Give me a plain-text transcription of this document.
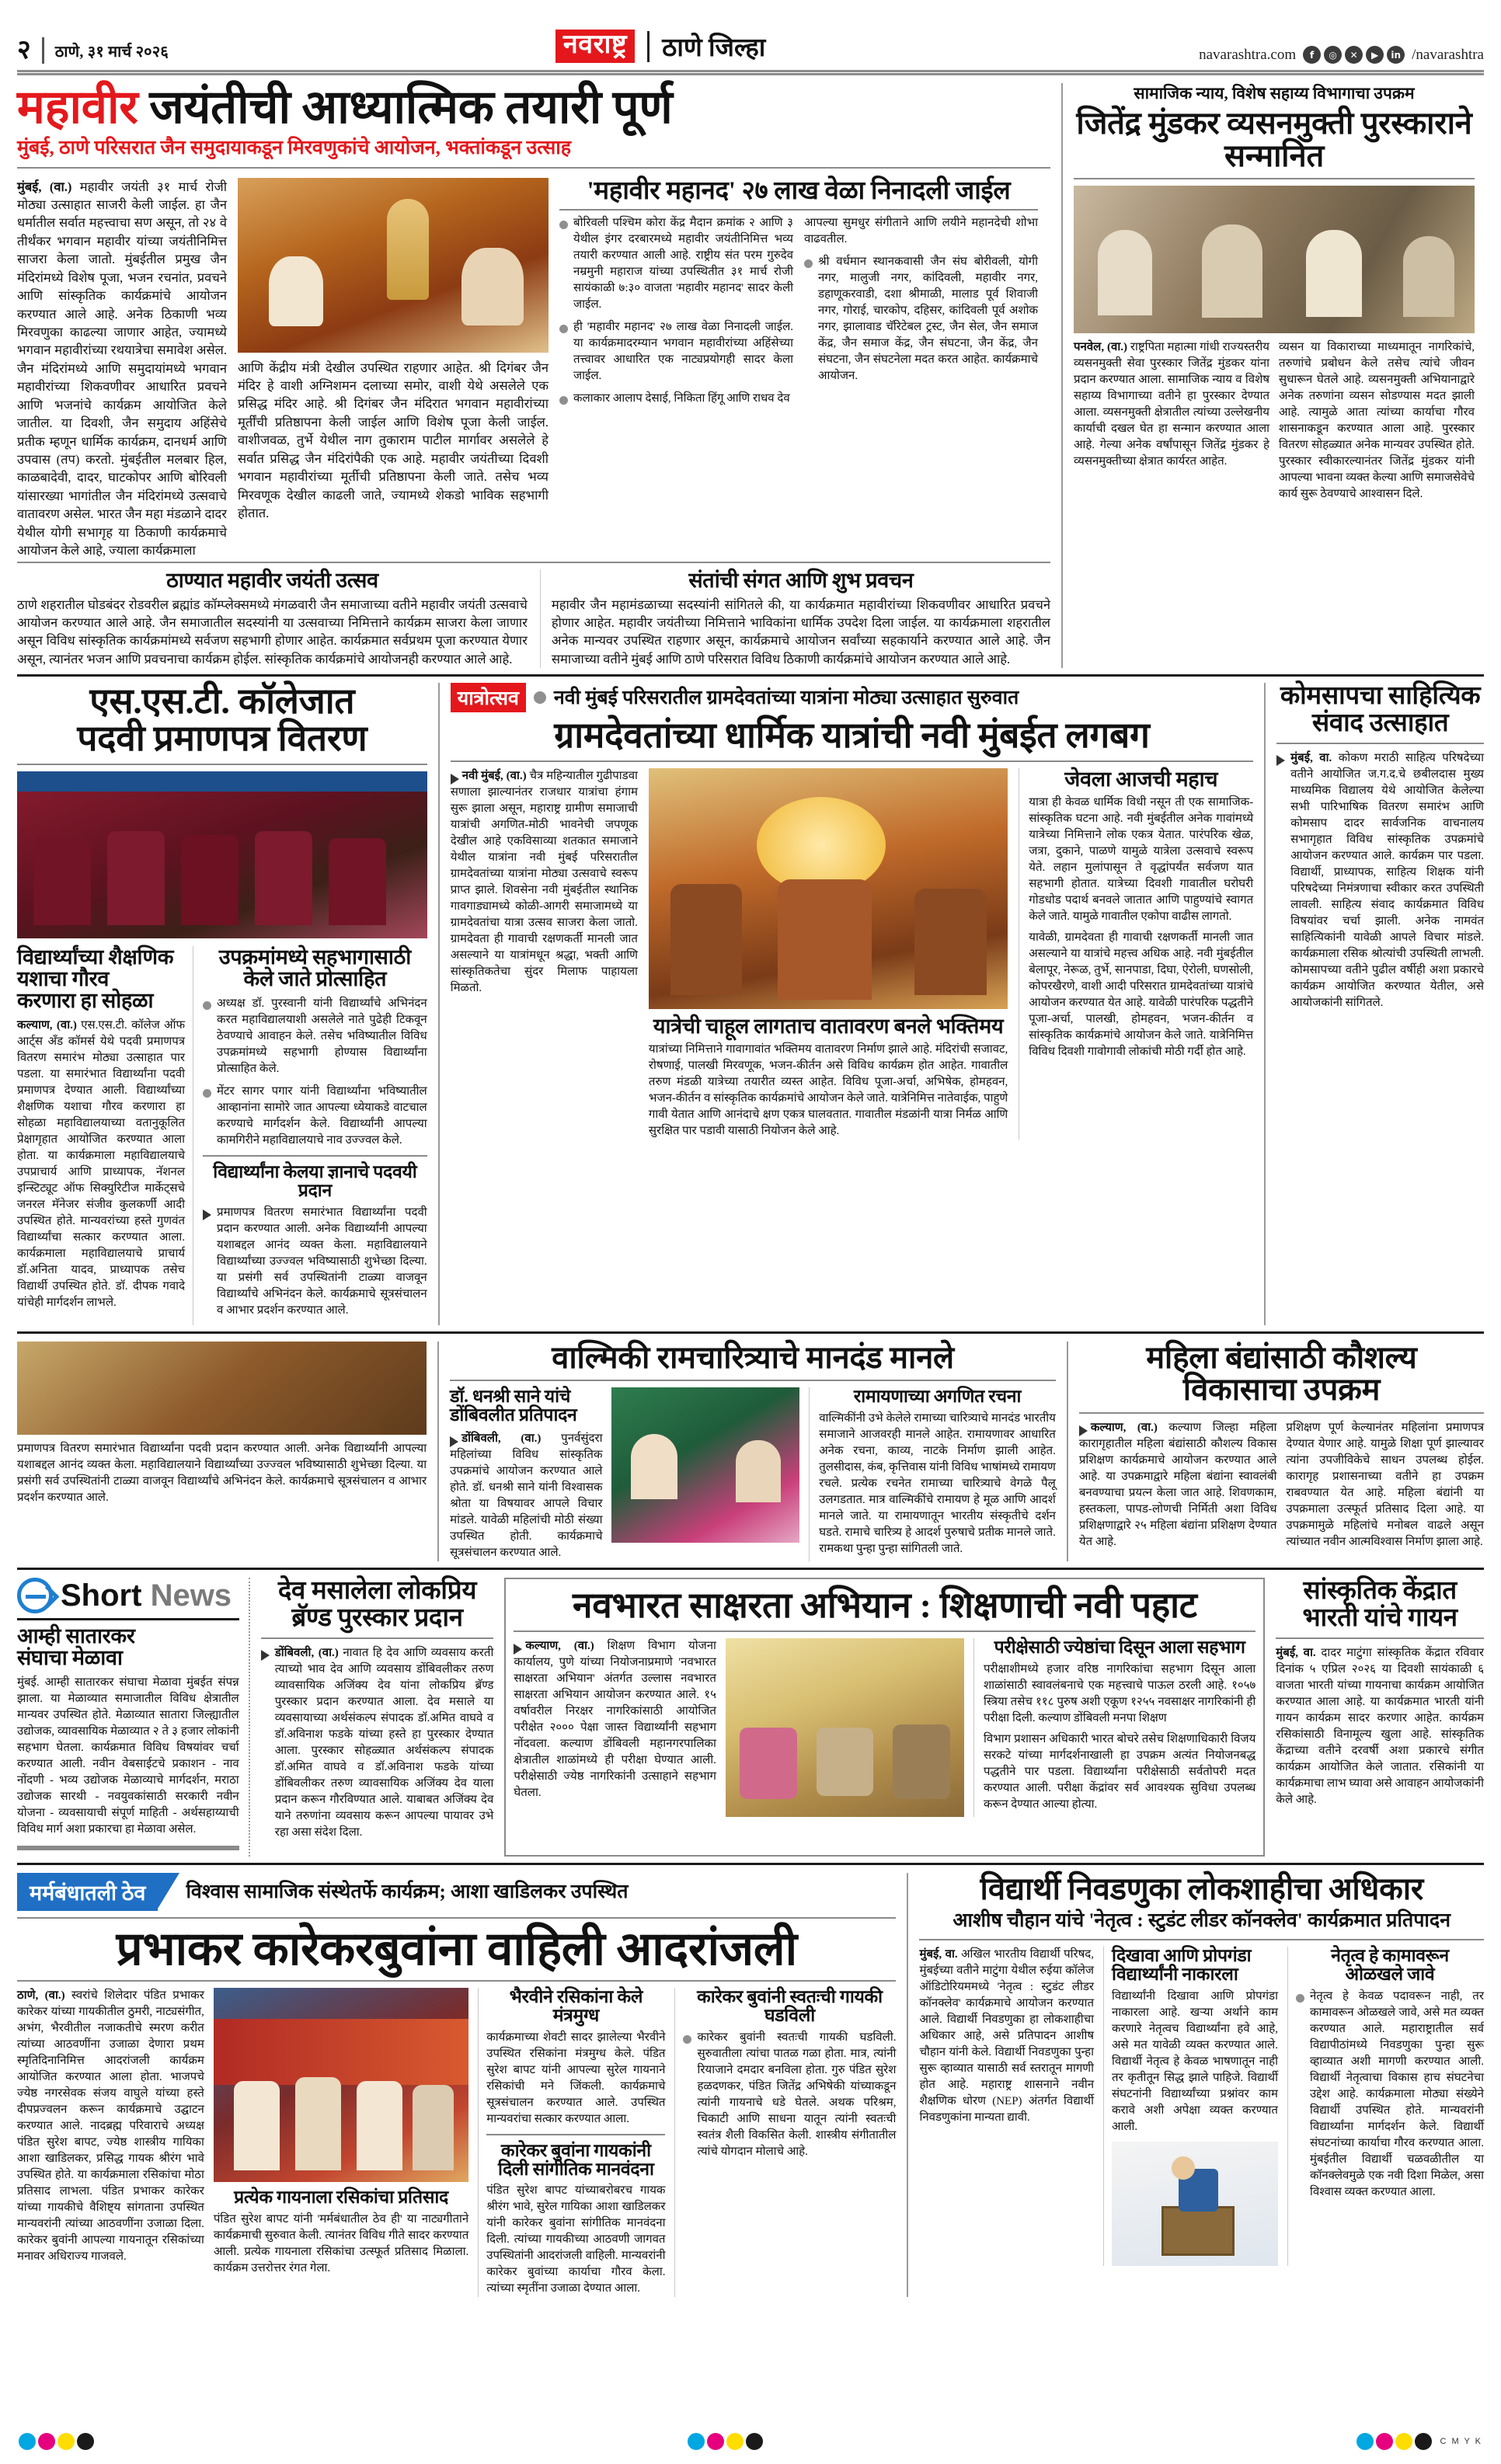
२ ठाणे, ३१ मार्च २०२६	नवराष्ट्र	ठाणे जिल्हा	navarashtra.com	f	◎	✕	▶	in /navarashtra
महावीर जयंतीची आध्यात्मिक तयारी पूर्ण
मुंबई, ठाणे परिसरात जैन समुदायाकडून मिरवणुकांचे आयोजन, भक्तांकडून उत्साह

मुंबई, (वा.) महावीर जयंती ३१ मार्च रोजी मोठ्या उत्साहात साजरी केली जाईल. हा जैन धर्मातील सर्वात महत्त्वाचा सण असून, तो २४ वे तीर्थंकर भगवान महावीर यांच्या जयंतीनिमित्त साजरा केला जातो. मुंबईतील प्रमुख जैन मंदिरांमध्ये विशेष पूजा, भजन रचनांत, प्रवचने आणि सांस्कृतिक कार्यक्रमांचे आयोजन करण्यात आले आहे. अनेक ठिकाणी भव्य मिरवणुका काढल्या जाणार आहेत, ज्यामध्ये भगवान महावीरांच्या रथयात्रेचा समावेश असेल. जैन मंदिरांमध्ये आणि समुदायांमध्ये भगवान महावीरांच्या शिकवणीवर आधारित प्रवचने आणि भजनांचे कार्यक्रम आयोजित केले जातील. या दिवशी, जैन समुदाय अहिंसेचे प्रतीक म्हणून धार्मिक कार्यक्रम, दानधर्म आणि उपवास (तप) करतो. मुंबईतील मलबार हिल, काळबादेवी, दादर, घाटकोपर आणि बोरिवली यांसारख्या भागांतील जैन मंदिरांमध्ये उत्सवाचे वातावरण असेल. भारत जैन महा मंडळाने दादर येथील योगी सभागृह या ठिकाणी कार्यक्रमाचे आयोजन केले आहे, ज्याला कार्यक्रमाला

आणि केंद्रीय मंत्री देखील उपस्थित राहणार आहेत. श्री दिगंबर जैन मंदिर हे वाशी अग्निशमन दलाच्या समोर, वाशी येथे असलेले एक प्रसिद्ध मंदिर आहे. श्री दिगंबर जैन मंदिरात भगवान महावीरांच्या मूर्तींची प्रतिष्ठापना केली जाईल आणि विशेष पूजा केली जाईल. वाशीजवळ, तुर्भे येथील नाग तुकाराम पाटील मार्गावर असलेले हे सर्वात प्रसिद्ध जैन मंदिरांपैकी एक आहे. महावीर जयंतीच्या दिवशी भगवान महावीरांच्या मूर्तीची प्रतिष्ठापना केली जाते. तसेच भव्य मिरवणूक देखील काढली जाते, ज्यामध्ये शेकडो भाविक सहभागी होतात.

'महावीर महानद' २७ लाख वेळा निनादली जाईल
बोरिवली पश्चिम कोरा केंद्र मैदान क्रमांक २ आणि ३ येथील इंगर दरबारमध्ये महावीर जयंतीनिमित्त भव्य तयारी करण्यात आली आहे. राष्ट्रीय संत परम गुरुदेव नम्रमुनी महाराज यांच्या उपस्थितीत ३१ मार्च रोजी सायंकाळी ७:३० वाजता 'महावीर महानद' सादर केली जाईल.
ही 'महावीर महानद' २७ लाख वेळा निनादली जाईल. या कार्यक्रमादरम्यान भगवान महावीरांच्या अहिंसेच्या तत्त्वावर आधारित एक नाट्यप्रयोगही सादर केला जाईल.
कलाकार आलाप देसाई, निकिता हिंगू आणि राधव देव
आपल्या सुमधुर संगीताने आणि लयीने महानदेची शोभा वाढवतील.
श्री वर्धमान स्थानकवासी जैन संघ बोरीवली, योगी नगर, मालुजी नगर, कांदिवली, महावीर नगर, डहाणूकरवाडी, दशा श्रीमाळी, मालाड पूर्व शिवाजी नगर, गोराई, चारकोप, दहिसर, कांदिवली पूर्व अशोक नगर, झालावाड चॅरिटेबल ट्रस्ट, जैन सेल, जैन समाज केंद्र, जैन समाज केंद्र, जैन संघटना, जैन केंद्र, जैन संघटना, जैन संघटनेला मदत करत आहेत. कार्यक्रमाचे आयोजन.
ठाण्यात महावीर जयंती उत्सव

ठाणे शहरातील घोडबंदर रोडवरील ब्रह्मांड कॉम्प्लेक्समध्ये मंगळवारी जैन समाजाच्या वतीने महावीर जयंती उत्सवाचे आयोजन करण्यात आले आहे. जैन समाजातील सदस्यांनी या उत्सवाच्या निमित्ताने कार्यक्रम साजरा केला जाणार असून विविध सांस्कृतिक कार्यक्रमांमध्ये सर्वजण सहभागी होणार आहेत. कार्यक्रमात सर्वप्रथम पूजा करण्यात येणार असून, त्यानंतर भजन आणि प्रवचनाचा कार्यक्रम होईल. सांस्कृतिक कार्यक्रमांचे आयोजनही करण्यात आले आहे.

संतांची संगत आणि शुभ प्रवचन

महावीर जैन महामंडळाच्या सदस्यांनी सांगितले की, या कार्यक्रमात महावीरांच्या शिकवणीवर आधारित प्रवचने होणार आहेत. महावीर जयंतीच्या निमित्ताने भाविकांना धार्मिक उपदेश दिला जाईल. या कार्यक्रमाला शहरातील अनेक मान्यवर उपस्थित राहणार असून, कार्यक्रमाचे आयोजन सर्वांच्या सहकार्याने करण्यात आले आहे. जैन समाजाच्या वतीने मुंबई आणि ठाणे परिसरात विविध ठिकाणी कार्यक्रमांचे आयोजन करण्यात आले आहे.

सामाजिक न्याय, विशेष सहाय्य विभागाचा उपक्रम
जितेंद्र मुंडकर व्यसनमुक्ती पुरस्काराने सन्मानित

पनवेल, (वा.) राष्ट्रपिता महात्मा गांधी राज्यस्तरीय व्यसनमुक्ती सेवा पुरस्कार जितेंद्र मुंडकर यांना प्रदान करण्यात आला. सामाजिक न्याय व विशेष सहाय्य विभागाच्या वतीने हा पुरस्कार देण्यात आला. व्यसनमुक्ती क्षेत्रातील त्यांच्या उल्लेखनीय कार्याची दखल घेत हा सन्मान करण्यात आला आहे. गेल्या अनेक वर्षांपासून जितेंद्र मुंडकर हे व्यसनमुक्तीच्या क्षेत्रात कार्यरत आहेत.

व्यसन या विकाराच्या माध्यमातून नागरिकांचे, तरुणांचे प्रबोधन केले तसेच त्यांचे जीवन सुधारून घेतले आहे. व्यसनमुक्ती अभियानाद्वारे अनेक तरुणांना व्यसन सोडण्यास मदत झाली आहे. त्यामुळे आता त्यांच्या कार्याचा गौरव शासनाकडून करण्यात आला आहे. पुरस्कार वितरण सोहळ्यात अनेक मान्यवर उपस्थित होते. पुरस्कार स्वीकारल्यानंतर जितेंद्र मुंडकर यांनी आपल्या भावना व्यक्त केल्या आणि समाजसेवेचे कार्य सुरू ठेवण्याचे आश्वासन दिले.

एस.एस.टी. कॉलेजात
पदवी प्रमाणपत्र वितरण
विद्यार्थ्यांच्या शैक्षणिक
यशाचा गौरव
करणारा हा सोहळा

कल्याण, (वा.) एस.एस.टी. कॉलेज ऑफ आर्ट्स अँड कॉमर्स येथे पदवी प्रमाणपत्र वितरण समारंभ मोठ्या उत्साहात पार पडला. या समारंभात विद्यार्थ्यांना पदवी प्रमाणपत्र देण्यात आली. विद्यार्थ्यांच्या शैक्षणिक यशाचा गौरव करणारा हा सोहळा महाविद्यालयाच्या वतानुकूलित प्रेक्षागृहात आयोजित करण्यात आला होता. या कार्यक्रमाला महाविद्यालयाचे उपप्राचार्य आणि प्राध्यापक, नॅशनल इन्स्टिट्यूट ऑफ सिक्युरिटीज मार्केट्सचे जनरल मॅनेजर संजीव कुलकर्णी आदी उपस्थित होते. मान्यवरांच्या हस्ते गुणवंत विद्यार्थ्यांचा सत्कार करण्यात आला. कार्यक्रमाला महाविद्यालयाचे प्राचार्य डॉ.अनिता यादव, प्राध्यापक तसेच विद्यार्थी उपस्थित होते. डॉ. दीपक गवादे यांचेही मार्गदर्शन लाभले.

उपक्रमांमध्ये सहभागासाठी केले जाते प्रोत्साहित
अध्यक्ष डॉ. पुरस्वानी यांनी विद्यार्थ्यांचे अभिनंदन करत महाविद्यालयाशी असलेले नाते पुढेही टिकवून ठेवण्याचे आवाहन केले. तसेच भविष्यातील विविध उपक्रमांमध्ये सहभागी होण्यास विद्यार्थ्यांना प्रोत्साहित केले.
मेंटर सागर पगार यांनी विद्यार्थ्यांना भविष्यातील आव्हानांना सामोरे जात आपल्या ध्येयाकडे वाटचाल करण्याचे मार्गदर्शन केले. विद्यार्थ्यांनी आपल्या कामगिरीने महाविद्यालयाचे नाव उज्ज्वल केले.
विद्यार्थ्यांना केलया ज्ञानाचे पदवयी प्रदान
प्रमाणपत्र वितरण समारंभात विद्यार्थ्यांना पदवी प्रदान करण्यात आली. अनेक विद्यार्थ्यांनी आपल्या यशाबद्दल आनंद व्यक्त केला. महाविद्यालयाने विद्यार्थ्यांच्या उज्ज्वल भविष्यासाठी शुभेच्छा दिल्या. या प्रसंगी सर्व उपस्थितांनी टाळ्या वाजवून विद्यार्थ्यांचे अभिनंदन केले. कार्यक्रमाचे सूत्रसंचालन व आभार प्रदर्शन करण्यात आले.
यात्रोत्सव	नवी मुंबई परिसरातील ग्रामदेवतांच्या यात्रांना मोठ्या उत्साहात सुरुवात
ग्रामदेवतांच्या धार्मिक यात्रांची नवी मुंबईत लगबग

नवी मुंबई, (वा.) चैत्र महिन्यातील गुढीपाडवा सणाला झाल्यानंतर राजधार यात्रांचा हंगाम सुरू झाला असून, महाराष्ट्र ग्रामीण समाजाची यात्रांची अगणित-मोठी भावनेची जपणूक देखील आहे एकविसाव्या शतकात समाजाने येथील यात्रांना नवी मुंबई परिसरातील ग्रामदेवतांच्या यात्रांना मोठ्या उत्सवाचे स्वरूप प्राप्त झाले. शिवसेना नवी मुंबईतील स्थानिक गावगाड्यामध्ये कोळी-आगरी समाजामध्ये या ग्रामदेवतांचा यात्रा उत्सव साजरा केला जातो. ग्रामदेवता ही गावाची रक्षणकर्ती मानली जात असल्याने या यात्रांमधून श्रद्धा, भक्ती आणि सांस्कृतिकतेचा सुंदर मिलाफ पाहायला मिळतो.

यात्रेची चाहूल लागताच वातावरण बनले भक्तिमय

यात्रांच्या निमित्ताने गावागावांत भक्तिमय वातावरण निर्माण झाले आहे. मंदिरांची सजावट, रोषणाई, पालखी मिरवणूक, भजन-कीर्तन असे विविध कार्यक्रम होत आहेत. गावातील तरुण मंडळी यात्रेच्या तयारीत व्यस्त आहेत. विविध पूजा-अर्चा, अभिषेक, होमहवन, भजन-कीर्तन व सांस्कृतिक कार्यक्रमांचे आयोजन केले जाते. यात्रेनिमित्त नातेवाईक, पाहुणे गावी येतात आणि आनंदाचे क्षण एकत्र घालवतात. गावातील मंडळांनी यात्रा निर्मळ आणि सुरक्षित पार पडावी यासाठी नियोजन केले आहे.

जेवला आजची महाच

यात्रा ही केवळ धार्मिक विधी नसून ती एक सामाजिक-सांस्कृतिक घटना आहे. नवी मुंबईतील अनेक गावांमध्ये यात्रेच्या निमित्ताने लोक एकत्र येतात. पारंपरिक खेळ, जत्रा, दुकाने, पाळणे यामुळे यात्रेला उत्सवाचे स्वरूप येते. लहान मुलांपासून ते वृद्धांपर्यंत सर्वजण यात सहभागी होतात. यात्रेच्या दिवशी गावातील घरोघरी गोडधोड पदार्थ बनवले जातात आणि पाहुण्यांचे स्वागत केले जाते. यामुळे गावातील एकोपा वाढीस लागतो.

यावेळी, ग्रामदेवता ही गावाची रक्षणकर्ती मानली जात असल्याने या यात्रांचे महत्त्व अधिक आहे. नवी मुंबईतील बेलापूर, नेरूळ, तुर्भे, सानपाडा, दिघा, ऐरोली, घणसोली, कोपरखैरणे, वाशी आदी परिसरात ग्रामदेवतांच्या यात्रांचे आयोजन करण्यात येत आहे. यावेळी पारंपरिक पद्धतीने पूजा-अर्चा, पालखी, होमहवन, भजन-कीर्तन व सांस्कृतिक कार्यक्रमांचे आयोजन केले जाते. यात्रेनिमित्त विविध दिवशी गावोगावी लोकांची मोठी गर्दी होत आहे.

कोमसापचा साहित्यिक
संवाद उत्साहात
मुंबई, वा. कोकण मराठी साहित्य परिषदेच्या वतीने आयोजित ज.ग.द.चे छबीलदास मुख्य माध्यमिक विद्यालय येथे आयोजित केलेल्या सभी पारिभाषिक वितरण समारंभ आणि कोमसाप दादर सार्वजनिक वाचनालय सभागृहात विविध सांस्कृतिक उपक्रमांचे आयोजन करण्यात आले. कार्यक्रम पार पडला. विद्यार्थी, प्राध्यापक, साहित्य शिक्षक यांनी परिषदेच्या निमंत्रणाचा स्वीकार करत उपस्थिती लावली. साहित्य संवाद कार्यक्रमात विविध विषयांवर चर्चा झाली. अनेक नामवंत साहित्यिकांनी यावेळी आपले विचार मांडले. कार्यक्रमाला रसिक श्रोत्यांची उपस्थिती लाभली. कोमसापच्या वतीने पुढील वर्षीही अशा प्रकारचे कार्यक्रम आयोजित करण्यात येतील, असे आयोजकांनी सांगितले.

प्रमाणपत्र वितरण समारंभात विद्यार्थ्यांना पदवी प्रदान करण्यात आली. अनेक विद्यार्थ्यांनी आपल्या यशाबद्दल आनंद व्यक्त केला. महाविद्यालयाने विद्यार्थ्यांच्या उज्ज्वल भविष्यासाठी शुभेच्छा दिल्या. या प्रसंगी सर्व उपस्थितांनी टाळ्या वाजवून विद्यार्थ्यांचे अभिनंदन केले. कार्यक्रमाचे सूत्रसंचालन व आभार प्रदर्शन करण्यात आले.

वाल्मिकी रामचारित्र्याचे मानदंड मानले
डॉ. धनश्री साने यांचे
डोंबिवलीत प्रतिपादन

डोंबिवली, (वा.) पुनर्वसुंदरा महिलांच्या विविध सांस्कृतिक उपक्रमांचे आयोजन करण्यात आले होते. डॉ. धनश्री साने यांनी विश्वासक श्रोता या विषयावर आपले विचार मांडले. यावेळी महिलांची मोठी संख्या उपस्थित होती. कार्यक्रमाचे सूत्रसंचालन करण्यात आले.

रामायणाच्या अगणित रचना

वाल्मिकींनी उभे केलेले रामाच्या चारित्र्याचे मानदंड भारतीय समाजाने आजवरही मानले आहेत. रामायणावर आधारित अनेक रचना, काव्य, नाटके निर्माण झाली आहेत. तुलसीदास, कंब, कृत्तिवास यांनी विविध भाषांमध्ये रामायण रचले. प्रत्येक रचनेत रामाच्या चारित्र्याचे वेगळे पैलू उलगडतात. मात्र वाल्मिकींचे रामायण हे मूळ आणि आदर्श मानले जाते. या रामायणातून भारतीय संस्कृतीचे दर्शन घडते. रामाचे चारित्र्य हे आदर्श पुरुषाचे प्रतीक मानले जाते. रामकथा पुन्हा पुन्हा सांगितली जाते.

महिला बंद्यांसाठी कौशल्य
विकासाचा उपक्रम

कल्याण, (वा.) कल्याण जिल्हा महिला कारागृहातील महिला बंद्यांसाठी कौशल्य विकास प्रशिक्षण कार्यक्रमाचे आयोजन करण्यात आले आहे. या उपक्रमाद्वारे महिला बंद्यांना स्वावलंबी बनवण्याचा प्रयत्न केला जात आहे. शिवणकाम, हस्तकला, पापड-लोणची निर्मिती अशा विविध प्रशिक्षणाद्वारे २५ महिला बंद्यांना प्रशिक्षण देण्यात येत आहे.

प्रशिक्षण पूर्ण केल्यानंतर महिलांना प्रमाणपत्र देण्यात येणार आहे. यामुळे शिक्षा पूर्ण झाल्यावर त्यांना उपजीविकेचे साधन उपलब्ध होईल. कारागृह प्रशासनाच्या वतीने हा उपक्रम राबवण्यात येत आहे. महिला बंद्यांनी या उपक्रमाला उत्स्फूर्त प्रतिसाद दिला आहे. या उपक्रमामुळे महिलांचे मनोबल वाढले असून त्यांच्यात नवीन आत्मविश्वास निर्माण झाला आहे.

Short News
आम्ही सातारकर
संघाचा मेळावा

मुंबई. आम्ही सातारकर संघाचा मेळावा मुंबईत संपन्न झाला. या मेळाव्यात समाजातील विविध क्षेत्रातील मान्यवर उपस्थित होते. मेळाव्यात सातारा जिल्ह्यातील उद्योजक, व्यावसायिक मेळाव्यात २ ते ३ हजार लोकांनी सहभाग घेतला. कार्यक्रमात विविध विषयांवर चर्चा करण्यात आली. नवीन वेबसाईटचे प्रकाशन - नाव नोंदणी - भव्य उद्योजक मेळाव्याचे मार्गदर्शन, मराठा उद्योजक सारथी - नवयुवकांसाठी सरकारी नवीन योजना - व्यवसायाची संपूर्ण माहिती - अर्थसहाय्याची विविध मार्ग अशा प्रकारचा हा मेळावा असेल.

देव मसालेला लोकप्रिय
ब्रॅण्ड पुरस्कार प्रदान
डोंबिवली, (वा.) नावात हि देव आणि व्यवसाय करती त्याच्यो भाव देव आणि व्यवसाय डोंबिवलीकर तरुण व्यावसायिक अजिंक्य देव यांना लोकप्रिय ब्रॅण्ड पुरस्कार प्रदान करण्यात आला. देव मसाले या व्यवसायाच्या अर्थसंकल्प संपादक डॉ.अमित वाघवे व डॉ.अविनाश फडके यांच्या हस्ते हा पुरस्कार देण्यात आला. पुरस्कार सोहळ्यात अर्थसंकल्प संपादक डॉ.अमित वाघवे व डॉ.अविनाश फडके यांच्या डोंबिवलीकर तरुण व्यावसायिक अजिंक्य देव याला प्रदान करून गौरविण्यात आले. याबाबत अजिंक्य देव याने तरुणांना व्यवसाय करून आपल्या पायावर उभे रहा असा संदेश दिला.
नवभारत साक्षरता अभियान : शिक्षणाची नवी पहाट

कल्याण, (वा.) शिक्षण विभाग योजना कार्यालय, पुणे यांच्या नियोजनाप्रमाणे 'नवभारत साक्षरता अभियान' अंतर्गत उल्लास नवभारत साक्षरता अभियान आयोजन करण्यात आले. १५ वर्षावरील निरक्षर नागरिकांसाठी आयोजित परीक्षेत २००० पेक्षा जास्त विद्यार्थ्यांनी सहभाग नोंदवला. कल्याण डोंबिवली महानगरपालिका क्षेत्रातील शाळांमध्ये ही परीक्षा घेण्यात आली. परीक्षेसाठी ज्येष्ठ नागरिकांनी उत्साहाने सहभाग घेतला.

परीक्षेसाठी ज्येष्ठांचा दिसून आला सहभाग

परीक्षाशीमध्ये हजार वरिष्ठ नागरिकांचा सहभाग दिसून आला शाळांसाठी स्वावलंबनाचे एक महत्त्वाचे पाऊल ठरली आहे. १०५७ स्त्रिया तसेच ११८ पुरुष अशी एकूण १२५५ नवसाक्षर नागरिकांनी ही परीक्षा दिली. कल्याण डोंबिवली मनपा शिक्षण

विभाग प्रशासन अधिकारी भारत बोचरे तसेच शिक्षणाधिकारी विजय सरकटे यांच्या मार्गदर्शनाखाली हा उपक्रम अत्यंत नियोजनबद्ध पद्धतीने पार पडला. विद्यार्थ्यांना परीक्षेसाठी सर्वतोपरी मदत करण्यात आली. परीक्षा केंद्रांवर सर्व आवश्यक सुविधा उपलब्ध करून देण्यात आल्या होत्या.

सांस्कृतिक केंद्रात
भारती यांचे गायन

मुंबई, वा. दादर माटुंगा सांस्कृतिक केंद्रात रविवार दिनांक ५ एप्रिल २०२६ या दिवशी सायंकाळी ६ वाजता भारती यांच्या गायनाचा कार्यक्रम आयोजित करण्यात आला आहे. या कार्यक्रमात भारती यांनी गायन कार्यक्रम सादर करणार आहेत. कार्यक्रम रसिकांसाठी विनामूल्य खुला आहे. सांस्कृतिक केंद्राच्या वतीने दरवर्षी अशा प्रकारचे संगीत कार्यक्रम आयोजित केले जातात. रसिकांनी या कार्यक्रमाचा लाभ घ्यावा असे आवाहन आयोजकांनी केले आहे.

मर्मबंधातली ठेव	विश्वास सामाजिक संस्थेतर्फे कार्यक्रम; आशा खाडिलकर उपस्थित
प्रभाकर कारेकरबुवांना वाहिली आदरांजली

ठाणे, (वा.) स्वरांचे शिलेदार पंडित प्रभाकर कारेकर यांच्या गायकीतील ठुमरी, नाट्यसंगीत, अभंग, भैरवीतील नजाकतीचे स्मरण करीत त्यांच्या आठवणींना उजाळा देणारा प्रथम स्मृतिदिनानिमित्त आदरांजली कार्यक्रम आयोजित करण्यात आला होता. भाजपचे ज्येष्ठ नगरसेवक संजय वाघुले यांच्या हस्ते दीपप्रज्वलन करून कार्यक्रमाचे उद्घाटन करण्यात आले. नादब्रह्म परिवाराचे अध्यक्ष पंडित सुरेश बापट, ज्येष्ठ शास्त्रीय गायिका आशा खाडिलकर, प्रसिद्ध गायक श्रीरंग भावे उपस्थित होते. या कार्यक्रमाला रसिकांचा मोठा प्रतिसाद लाभला. पंडित प्रभाकर कारेकर यांच्या गायकीचे वैशिष्ट्य सांगताना उपस्थित मान्यवरांनी त्यांच्या आठवणींना उजाळा दिला. कारेकर बुवांनी आपल्या गायनातून रसिकांच्या मनावर अधिराज्य गाजवले.

प्रत्येक गायनाला रसिकांचा प्रतिसाद

पंडित सुरेश बापट यांनी 'मर्मबंधातील ठेव ही' या नाट्यगीताने कार्यक्रमाची सुरुवात केली. त्यानंतर विविध गीते सादर करण्यात आली. प्रत्येक गायनाला रसिकांचा उत्स्फूर्त प्रतिसाद मिळाला. कार्यक्रम उत्तरोत्तर रंगत गेला.

भैरवीने रसिकांना केले मंत्रमुग्ध

कार्यक्रमाच्या शेवटी सादर झालेल्या भैरवीने उपस्थित रसिकांना मंत्रमुग्ध केले. पंडित सुरेश बापट यांनी आपल्या सुरेल गायनाने रसिकांची मने जिंकली. कार्यक्रमाचे सूत्रसंचालन करण्यात आले. उपस्थित मान्यवरांचा सत्कार करण्यात आला.

कारेकर बुवांना गायकांनी दिली सांगीतिक मानवंदना

पंडित सुरेश बापट यांच्याबरोबरच गायक श्रीरंग भावे, सुरेल गायिका आशा खाडिलकर यांनी कारेकर बुवांना सांगीतिक मानवंदना दिली. त्यांच्या गायकीच्या आठवणी जागवत उपस्थितांनी आदरांजली वाहिली. मान्यवरांनी कारेकर बुवांच्या कार्याचा गौरव केला. त्यांच्या स्मृतींना उजाळा देण्यात आला.

कारेकर बुवांनी स्वतःची गायकी घडविली
कारेकर बुवांनी स्वतःची गायकी घडविली. सुरुवातीला त्यांचा पातळ गळा होता. मात्र, त्यांनी रियाजाने दमदार बनविला होता. गुरु पंडित सुरेश हळदणकर, पंडित जितेंद्र अभिषेकी यांच्याकडून त्यांनी गायनाचे धडे घेतले. अथक परिश्रम, चिकाटी आणि साधना यातून त्यांनी स्वतःची स्वतंत्र शैली विकसित केली. शास्त्रीय संगीतातील त्यांचे योगदान मोलाचे आहे.
विद्यार्थी निवडणुका लोकशाहीचा अधिकार
आशीष चौहान यांचे 'नेतृत्व : स्टुडंट लीडर कॉनक्लेव' कार्यक्रमात प्रतिपादन

मुंबई, वा. अखिल भारतीय विद्यार्थी परिषद, मुंबईच्या वतीने माटुंगा येथील रुईया कॉलेज ऑडिटोरियममध्ये 'नेतृत्व : स्टुडंट लीडर कॉनक्लेव' कार्यक्रमाचे आयोजन करण्यात आले. विद्यार्थी निवडणुका हा लोकशाहीचा अधिकार आहे, असे प्रतिपादन आशीष चौहान यांनी केले. विद्यार्थी निवडणुका पुन्हा सुरू व्हाव्यात यासाठी सर्व स्तरातून मागणी होत आहे. महाराष्ट्र शासनाने नवीन शैक्षणिक धोरण (NEP) अंतर्गत विद्यार्थी निवडणुकांना मान्यता द्यावी.

दिखावा आणि प्रोपगंडा
विद्यार्थ्यांनी नाकारला

विद्यार्थ्यांनी दिखावा आणि प्रोपगंडा नाकारला आहे. खऱ्या अर्थाने काम करणारे नेतृत्वच विद्यार्थ्यांना हवे आहे, असे मत यावेळी व्यक्त करण्यात आले. विद्यार्थी नेतृत्व हे केवळ भाषणातून नाही तर कृतीतून सिद्ध झाले पाहिजे. विद्यार्थी संघटनांनी विद्यार्थ्यांच्या प्रश्नांवर काम करावे अशी अपेक्षा व्यक्त करण्यात आली.

नेतृत्व हे कामावरून
ओळखले जावे
नेतृत्व हे केवळ पदावरून नाही, तर कामावरून ओळखले जावे, असे मत व्यक्त करण्यात आले. महाराष्ट्रातील सर्व विद्यापीठांमध्ये निवडणुका पुन्हा सुरू व्हाव्यात अशी मागणी करण्यात आली. विद्यार्थी नेतृत्वाचा विकास हाच संघटनेचा उद्देश आहे. कार्यक्रमाला मोठ्या संख्येने विद्यार्थी उपस्थित होते. मान्यवरांनी विद्यार्थ्यांना मार्गदर्शन केले. विद्यार्थी संघटनांच्या कार्याचा गौरव करण्यात आला. मुंबईतील विद्यार्थी चळवळीतील या कॉनक्लेवमुळे एक नवी दिशा मिळेल, असा विश्वास व्यक्त करण्यात आला.
C M Y K
